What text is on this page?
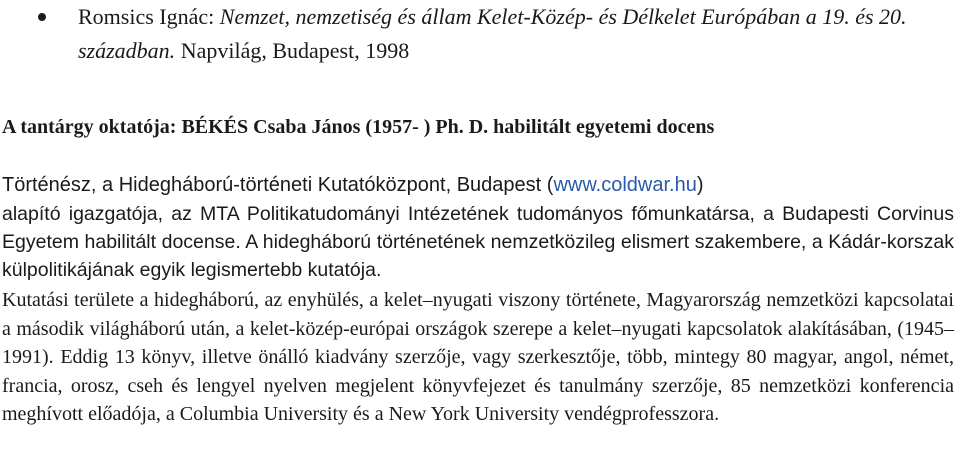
Romsics Ignác: Nemzet, nemzetiség és állam Kelet-Közép- és Délkelet Európában a 19. és 20. században. Napvilág, Budapest, 1998
A tantárgy oktatója: BÉKÉS Csaba János (1957- ) Ph. D. habilitált egyetemi docens
Történész, a Hidegháború-történeti Kutatóközpont, Budapest (www.coldwar.hu)
alapító igazgatója, az MTA Politikatudományi Intézetének tudományos főmunkatársa, a Budapesti Corvinus Egyetem habilitált docense. A hidegháború történetének nemzetközileg elismert szakembere, a Kádár-korszak külpolitikájának egyik legismertebb kutatója.
Kutatási területe a hidegháború, az enyhülés, a kelet–nyugati viszony története, Magyarország nemzetközi kapcsolatai a második világháború után, a kelet-közép-európai országok szerepe a kelet–nyugati kapcsolatok alakításában, (1945–1991). Eddig 13 könyv, illetve önálló kiadvány szerzője, vagy szerkesztője, több, mintegy 80 magyar, angol, német, francia, orosz, cseh és lengyel nyelven megjelent könyvfejezet és tanulmány szerzője, 85 nemzetközi konferencia meghívott előadója, a Columbia University és a New York University vendégprofesszora.
